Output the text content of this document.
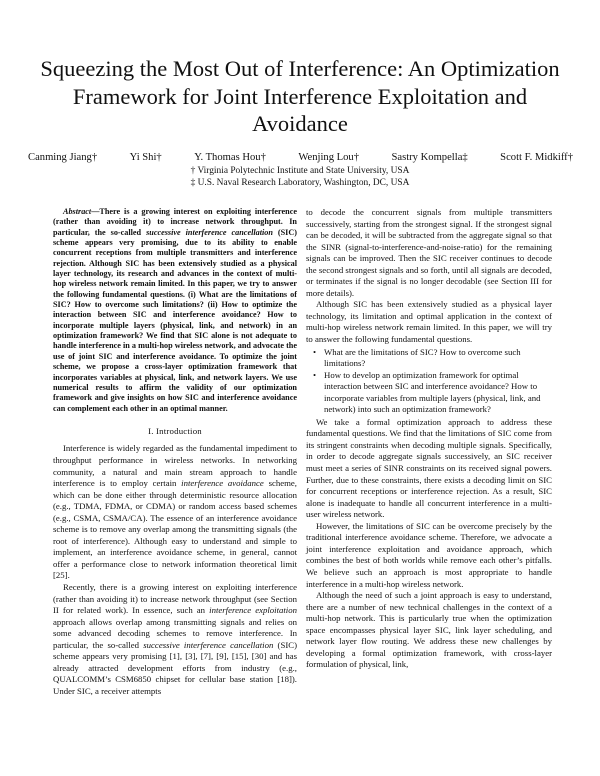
Squeezing the Most Out of Interference: An Optimization Framework for Joint Interference Exploitation and Avoidance
Canming Jiang†	Yi Shi†	Y. Thomas Hou†	Wenjing Lou†	Sastry Kompella‡	Scott F. Midkiff†
† Virginia Polytechnic Institute and State University, USA
‡ U.S. Naval Research Laboratory, Washington, DC, USA

Abstract—There is a growing interest on exploiting interference (rather than avoiding it) to increase network throughput. In particular, the so-called successive interference cancellation (SIC) scheme appears very promising, due to its ability to enable concurrent receptions from multiple transmitters and interference rejection. Although SIC has been extensively studied as a physical layer technology, its research and advances in the context of multi-hop wireless network remain limited. In this paper, we try to answer the following fundamental questions. (i) What are the limitations of SIC? How to overcome such limitations? (ii) How to optimize the interaction between SIC and interference avoidance? How to incorporate multiple layers (physical, link, and network) in an optimization framework? We find that SIC alone is not adequate to handle interference in a multi-hop wireless network, and advocate the use of joint SIC and interference avoidance. To optimize the joint scheme, we propose a cross-layer optimization framework that incorporates variables at physical, link, and network layers. We use numerical results to affirm the validity of our optimization framework and give insights on how SIC and interference avoidance can complement each other in an optimal manner.

I. Introduction

Interference is widely regarded as the fundamental impediment to throughput performance in wireless networks. In networking community, a natural and main stream approach to handle interference is to employ certain interference avoidance scheme, which can be done either through deterministic resource allocation (e.g., TDMA, FDMA, or CDMA) or random access based schemes (e.g., CSMA, CSMA/CA). The essence of an interference avoidance scheme is to remove any overlap among the transmitting signals (the root of interference). Although easy to understand and simple to implement, an interference avoidance scheme, in general, cannot offer a performance close to network information theoretical limit [25].

Recently, there is a growing interest on exploiting interference (rather than avoiding it) to increase network throughput (see Section II for related work). In essence, such an interference exploitation approach allows overlap among transmitting signals and relies on some advanced decoding schemes to remove interference. In particular, the so-called successive interference cancellation (SIC) scheme appears very promising [1], [3], [7], [9], [15], [30] and has already attracted development efforts from industry (e.g., QUALCOMM’s CSM6850 chipset for cellular base station [18]). Under SIC, a receiver attempts

to decode the concurrent signals from multiple transmitters successively, starting from the strongest signal. If the strongest signal can be decoded, it will be subtracted from the aggregate signal so that the SINR (signal-to-interference-and-noise-ratio) for the remaining signals can be improved. Then the SIC receiver continues to decode the second strongest signals and so forth, until all signals are decoded, or terminates if the signal is no longer decodable (see Section III for more details).

Although SIC has been extensively studied as a physical layer technology, its limitation and optimal application in the context of multi-hop wireless network remain limited. In this paper, we will try to answer the following fundamental questions.

• What are the limitations of SIC? How to overcome such limitations?
• How to develop an optimization framework for optimal interaction between SIC and interference avoidance? How to incorporate variables from multiple layers (physical, link, and network) into such an optimization framework?

We take a formal optimization approach to address these fundamental questions. We find that the limitations of SIC come from its stringent constraints when decoding multiple signals. Specifically, in order to decode aggregate signals successively, an SIC receiver must meet a series of SINR constraints on its received signal powers. Further, due to these constraints, there exists a decoding limit on SIC for concurrent receptions or interference rejection. As a result, SIC alone is inadequate to handle all concurrent interference in a multi-user wireless network.

However, the limitations of SIC can be overcome precisely by the traditional interference avoidance scheme. Therefore, we advocate a joint interference exploitation and avoidance approach, which combines the best of both worlds while remove each other’s pitfalls. We believe such an approach is most appropriate to handle interference in a multi-hop wireless network.

Although the need of such a joint approach is easy to understand, there are a number of new technical challenges in the context of a multi-hop network. This is particularly true when the optimization space encompasses physical layer SIC, link layer scheduling, and network layer flow routing. We address these new challenges by developing a formal optimization framework, with cross-layer formulation of physical, link,
